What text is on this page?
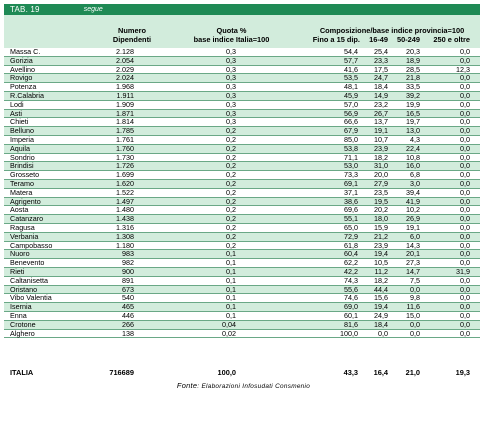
TAB. 19	segue
Numero
Dipendenti
Quota %
base indice Italia=100
Composizione/base indice provincia=100
Fino a 15 dip.	16-49	50-249	250 e oltre
Massa C.	2.128	0,3	54,4 25,4	20,3	0,0
Gorizia	2.054	0,3	57,7 23,3	18,9	0,0
Avellino	2.029	0,3	41,6 17,5	28,5	12,3
Rovigo	2.024	0,3	53,5 24,7	21,8	0,0
Potenza	1.968	0,3	48,1 18,4	33,5	0,0
R.Calabria	1.911	0,3	45,9 14,9	39,2	0,0
Lodi	1.909	0,3	57,0 23,2	19,9	0,0
Asti	1.871	0,3	56,9 26,7	16,5	0,0
Chieti	1.814	0,3	66,6 13,7	19,7	0,0
Belluno	1.785	0,2	67,9 19,1	13,0	0,0
Imperia	1.761	0,2	85,0 10,7	4,3	0,0
Aquila	1.760	0,2	53,8 23,9	22,4	0,0
Sondrio	1.730	0,2	71,1 18,2	10,8	0,0
Brindisi	1.726	0,2	53,0 31,0	16,0	0,0
Grosseto	1.699	0,2	73,3 20,0	6,8	0,0
Teramo	1.620	0,2	69,1 27,9	3,0	0,0
Matera	1.522	0,2	37,1 23,5	39,4	0,0
Agrigento	1.497	0,2	38,6 19,5	41,9	0,0
Aosta	1.480	0,2	69,6 20,2	10,2	0,0
Catanzaro	1.438	0,2	55,1 18,0	26,9	0,0
Ragusa	1.316	0,2	65,0 15,9	19,1	0,0
Verbania	1.308	0,2	72,9 21,2	6,0	0,0
Campobasso	1.180	0,2	61,8 23,9	14,3	0,0
Nuoro	983	0,1	60,4 19,4	20,1	0,0
Benevento	982	0,1	62,2 10,5	27,3	0,0
Rieti	900	0,1	42,2 11,2	14,7	31,9
Caltanisetta	891	0,1	74,3 18,2	7,5	0,0
Oristano	673	0,1	55,6 44,4	0,0	0,0
Vibo Valentia	540	0,1	74,6 15,6	9,8	0,0
Isernia	465	0,1	69,0 19,4	11,6	0,0
Enna	446	0,1	60,1 24,9	15,0	0,0
Crotone	266	0,04	81,6 18,4	0,0	0,0
Alghero	138	0,02	100,0	0,0	0,0	0,0
ITALIA	716689	100,0	43,3 16,4 21,0	19,3
Fonte: Elaborazioni Infosudati Consmenio
